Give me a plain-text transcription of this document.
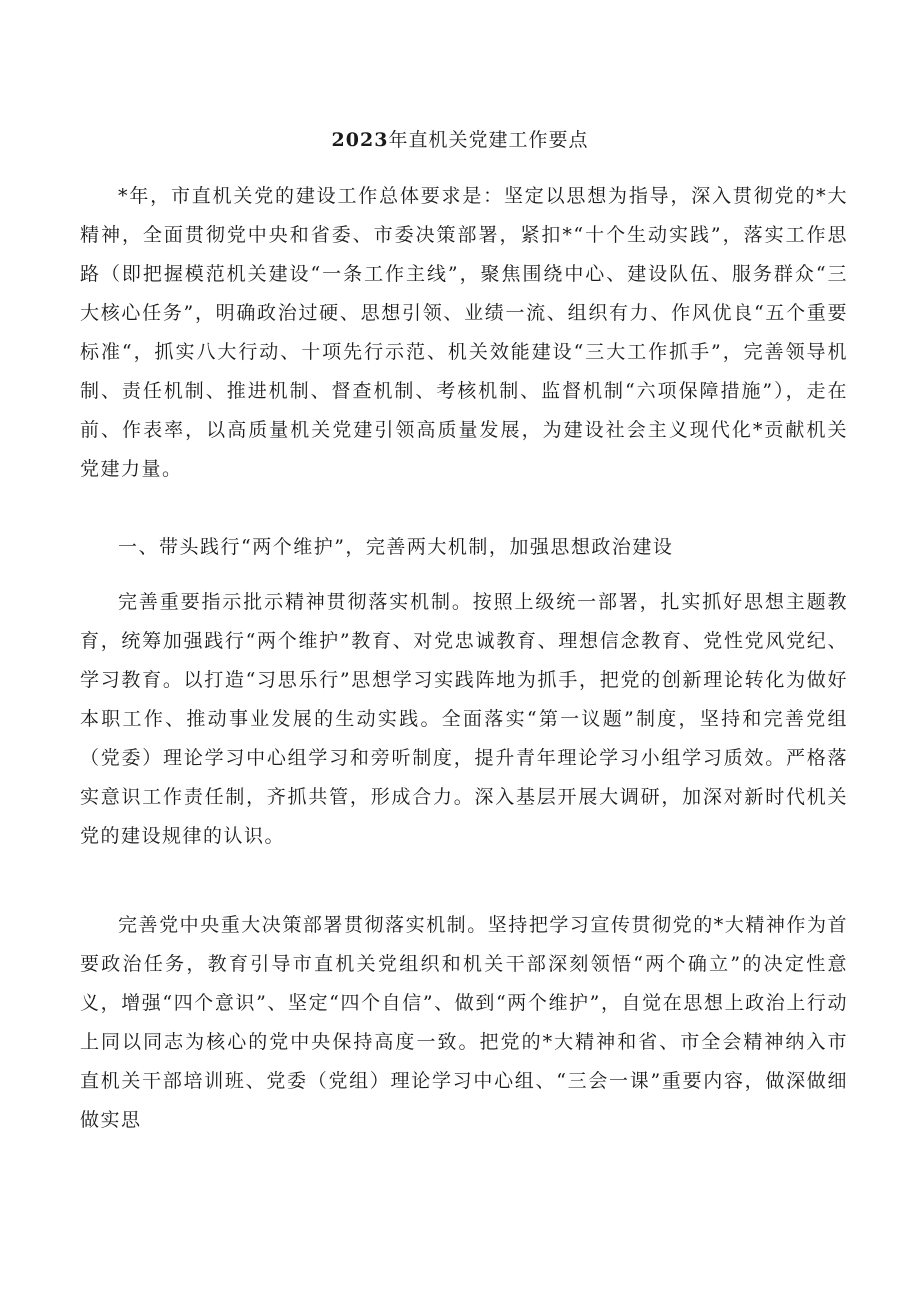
2023年直机关党建工作要点

*年，市直机关党的建设工作总体要求是：坚定以思想为指导，深入贯彻党的*大精神，全面贯彻党中央和省委、市委决策部署，紧扣*“十个生动实践”，落实工作思路（即把握模范机关建设“一条工作主线”，聚焦围绕中心、建设队伍、服务群众“三大核心任务”，明确政治过硬、思想引领、业绩一流、组织有力、作风优良“五个重要标准“，抓实八大行动、十项先行示范、机关效能建设“三大工作抓手”，完善领导机制、责任机制、推进机制、督查机制、考核机制、监督机制“六项保障措施”），走在前、作表率，以高质量机关党建引领高质量发展，为建设社会主义现代化*贡献机关党建力量。

一、带头践行“两个维护”，完善两大机制，加强思想政治建设

完善重要指示批示精神贯彻落实机制。按照上级统一部署，扎实抓好思想主题教育，统筹加强践行“两个维护”教育、对党忠诚教育、理想信念教育、党性党风党纪、学习教育。以打造“习思乐行”思想学习实践阵地为抓手，把党的创新理论转化为做好本职工作、推动事业发展的生动实践。全面落实“第一议题”制度，坚持和完善党组（党委）理论学习中心组学习和旁听制度，提升青年理论学习小组学习质效。严格落实意识工作责任制，齐抓共管，形成合力。深入基层开展大调研，加深对新时代机关党的建设规律的认识。

完善党中央重大决策部署贯彻落实机制。坚持把学习宣传贯彻党的*大精神作为首要政治任务，教育引导市直机关党组织和机关干部深刻领悟“两个确立”的决定性意义，增强“四个意识”、坚定“四个自信”、做到“两个维护”，自觉在思想上政治上行动上同以同志为核心的党中央保持高度一致。把党的*大精神和省、市全会精神纳入市直机关干部培训班、党委（党组）理论学习中心组、“三会一课”重要内容，做深做细做实思
